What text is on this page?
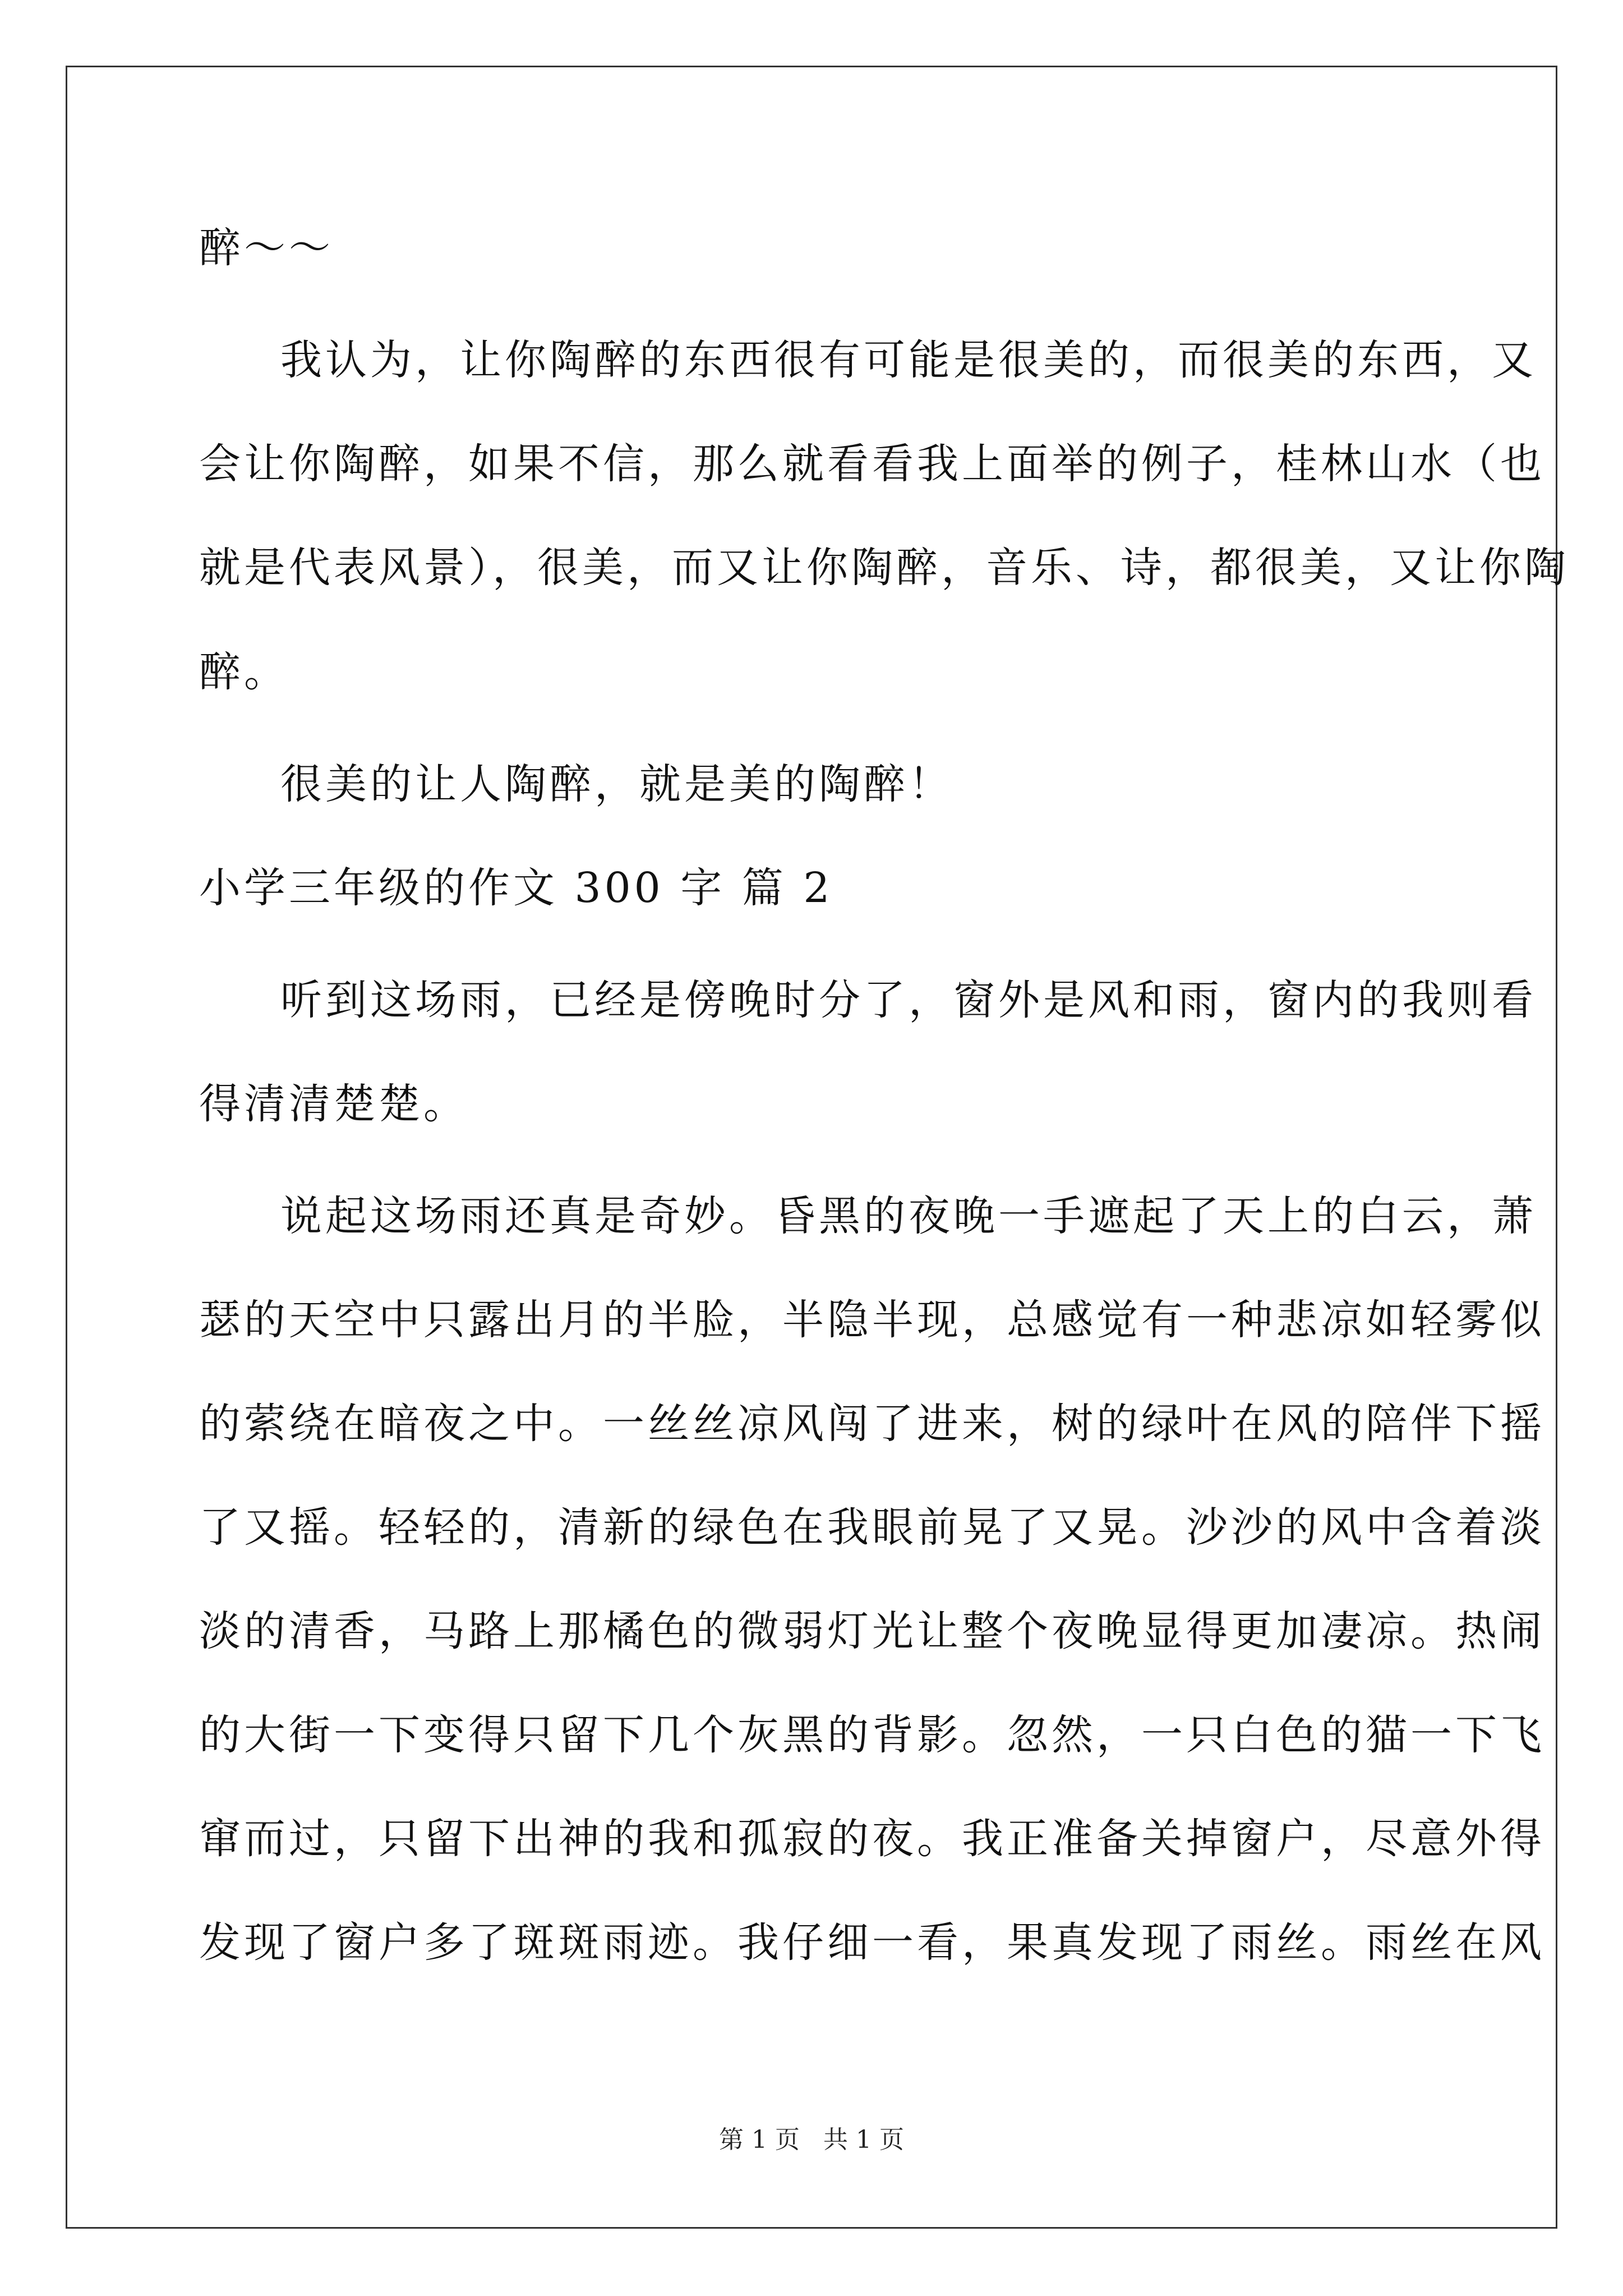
醉～～
我认为，让你陶醉的东西很有可能是很美的，而很美的东西，又
会让你陶醉，如果不信，那么就看看我上面举的例子，桂林山水（也
就是代表风景），很美，而又让你陶醉，音乐、诗，都很美，又让你陶
醉。
很美的让人陶醉，就是美的陶醉！
小学三年级的作文 300 字 篇 2
听到这场雨，已经是傍晚时分了，窗外是风和雨，窗内的我则看
得清清楚楚。
说起这场雨还真是奇妙。昏黑的夜晚一手遮起了天上的白云，萧
瑟的天空中只露出月的半脸，半隐半现，总感觉有一种悲凉如轻雾似
的萦绕在暗夜之中。一丝丝凉风闯了进来，树的绿叶在风的陪伴下摇
了又摇。轻轻的，清新的绿色在我眼前晃了又晃。沙沙的风中含着淡
淡的清香，马路上那橘色的微弱灯光让整个夜晚显得更加凄凉。热闹
的大街一下变得只留下几个灰黑的背影。忽然，一只白色的猫一下飞
窜而过，只留下出神的我和孤寂的夜。我正准备关掉窗户，尽意外得
发现了窗户多了斑斑雨迹。我仔细一看，果真发现了雨丝。雨丝在风
第 1 页 共 1 页
